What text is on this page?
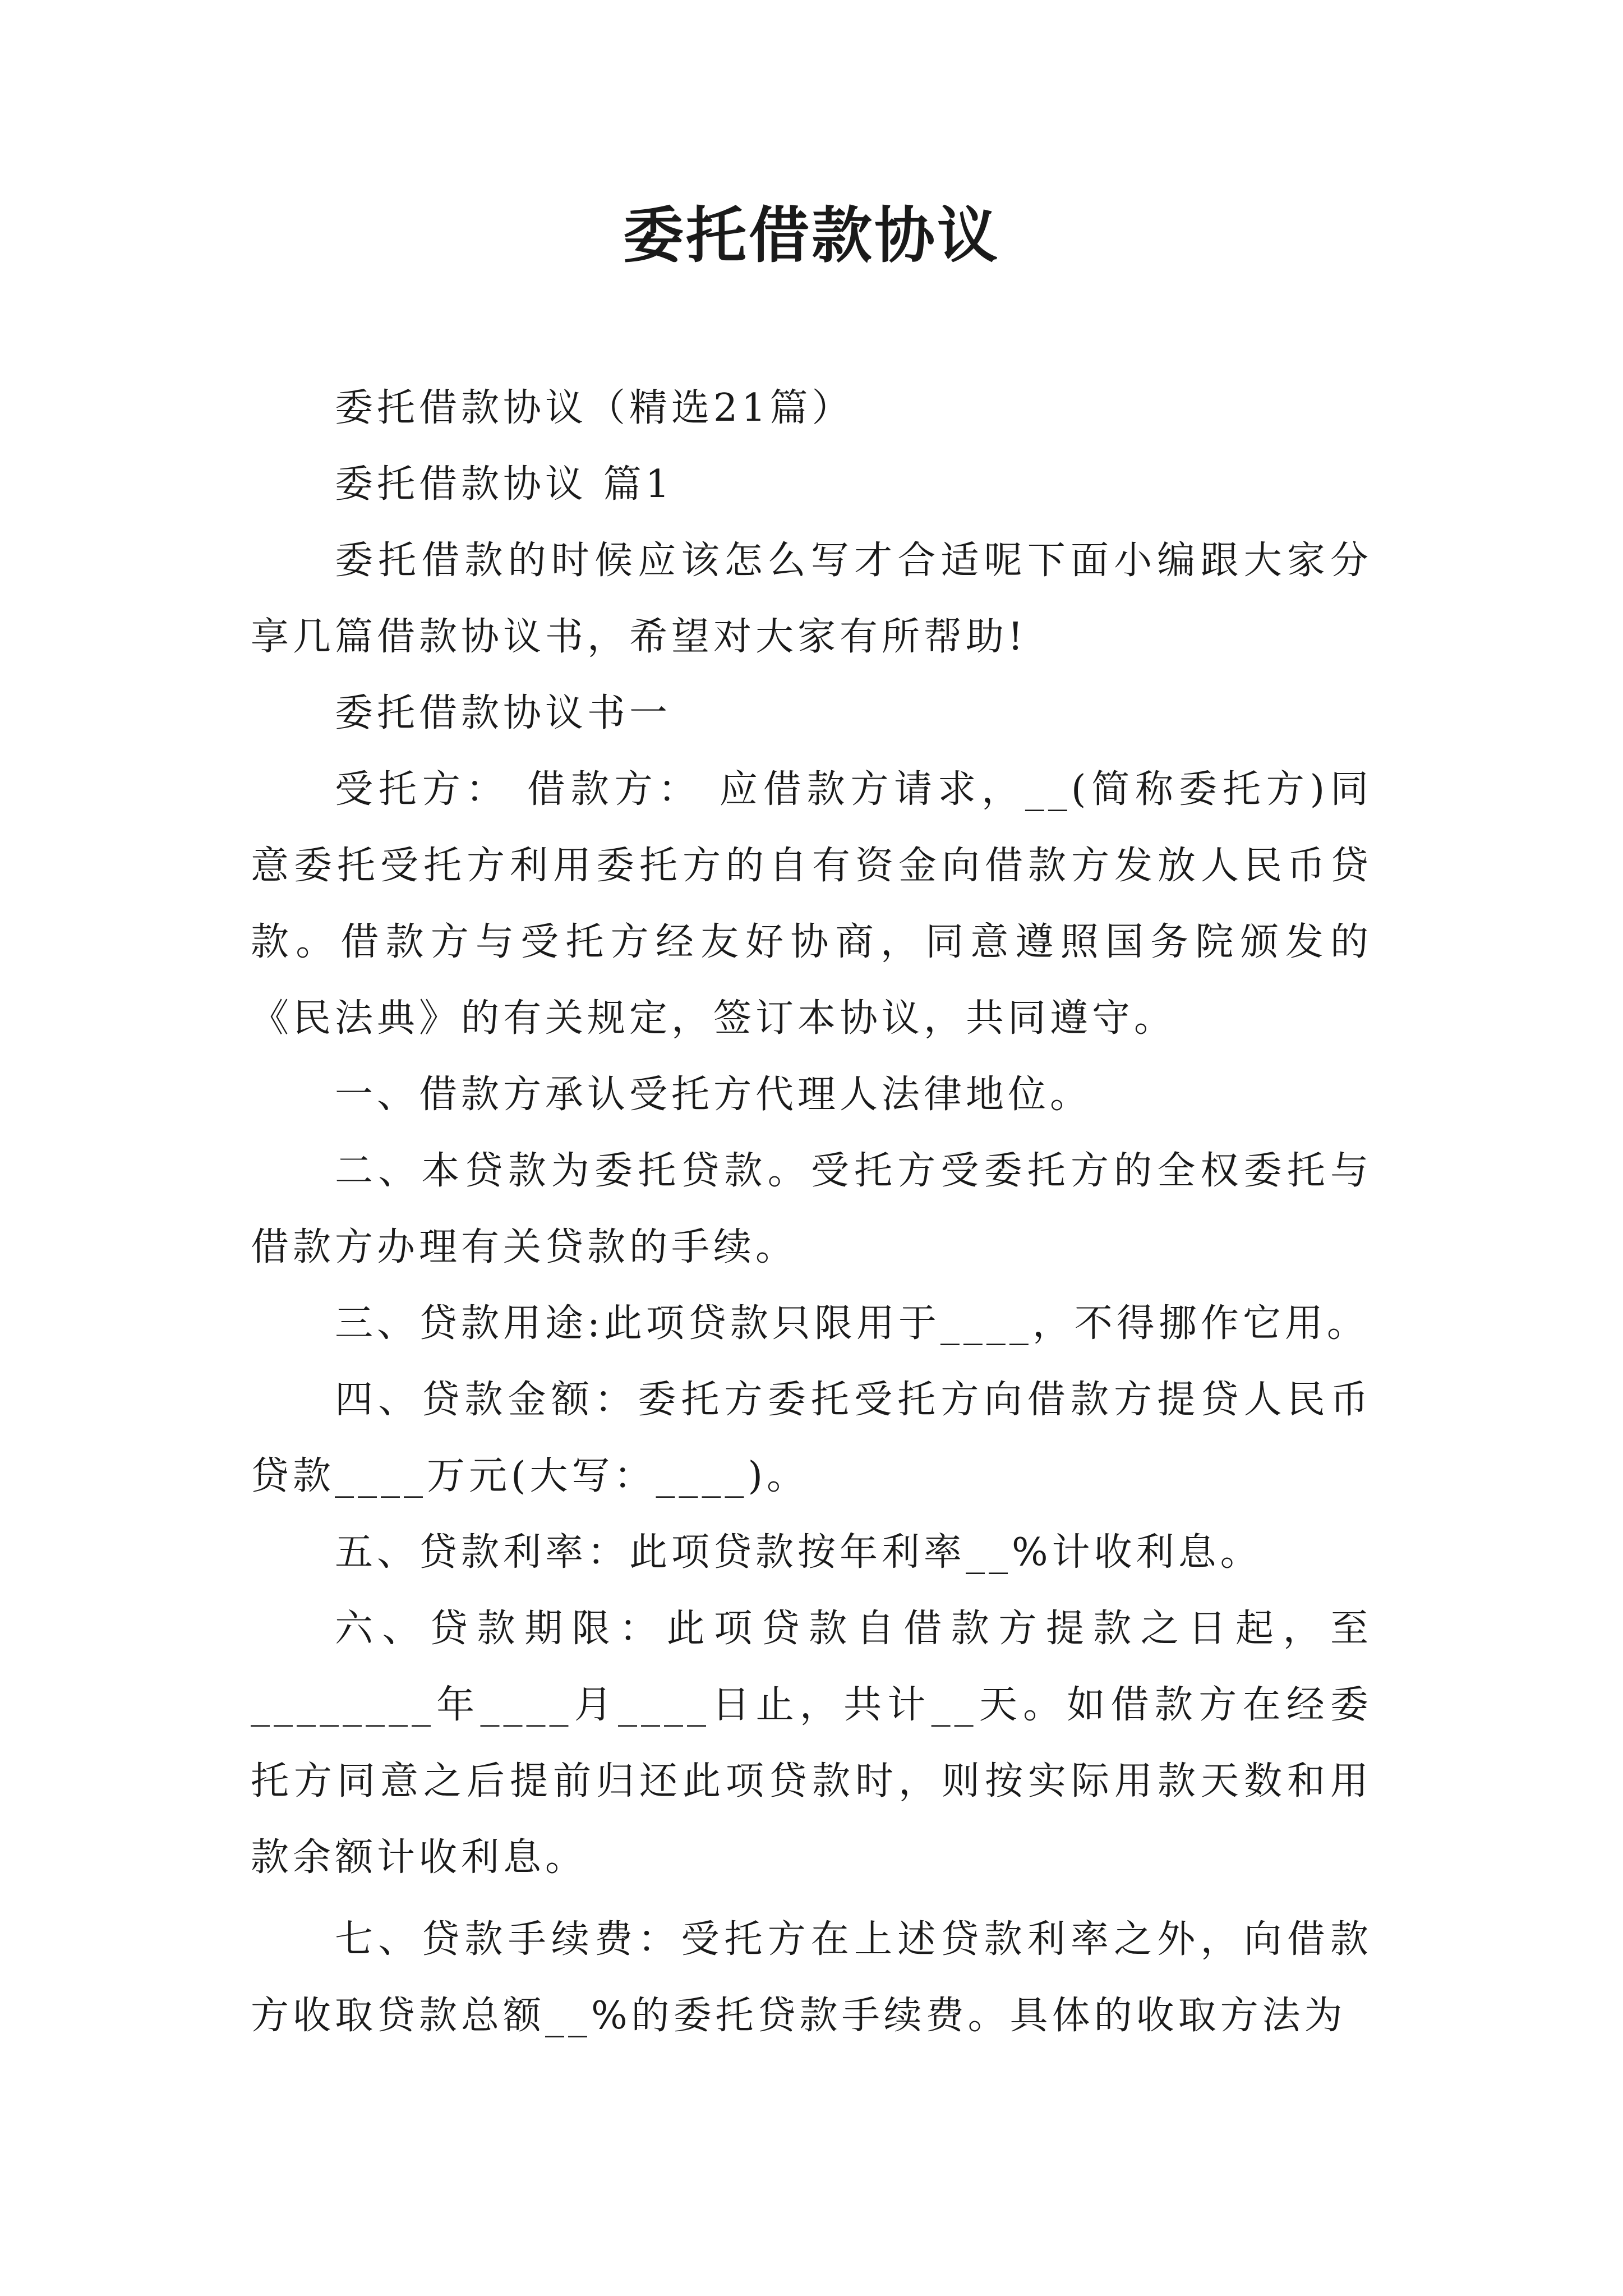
委托借款协议

委托借款协议（精选21篇）

委托借款协议 篇1

委托借款的时候应该怎么写才合适呢下面小编跟大家分享几篇借款协议书，希望对大家有所帮助!

委托借款协议书一

受托方： 借款方： 应借款方请求，__(简称委托方)同意委托受托方利用委托方的自有资金向借款方发放人民币贷款。借款方与受托方经友好协商，同意遵照国务院颁发的《民法典》的有关规定，签订本协议，共同遵守。

一、借款方承认受托方代理人法律地位。

二、本贷款为委托贷款。受托方受委托方的全权委托与借款方办理有关贷款的手续。

三、贷款用途:此项贷款只限用于____，不得挪作它用。

四、贷款金额：委托方委托受托方向借款方提贷人民币贷款____万元(大写：____)。

五、贷款利率：此项贷款按年利率__%计收利息。

六、贷款期限：此项贷款自借款方提款之日起，至________年____月____日止，共计__天。如借款方在经委托方同意之后提前归还此项贷款时，则按实际用款天数和用款余额计收利息。

七、贷款手续费：受托方在上述贷款利率之外，向借款方收取贷款总额__%的委托贷款手续费。具体的收取方法为
